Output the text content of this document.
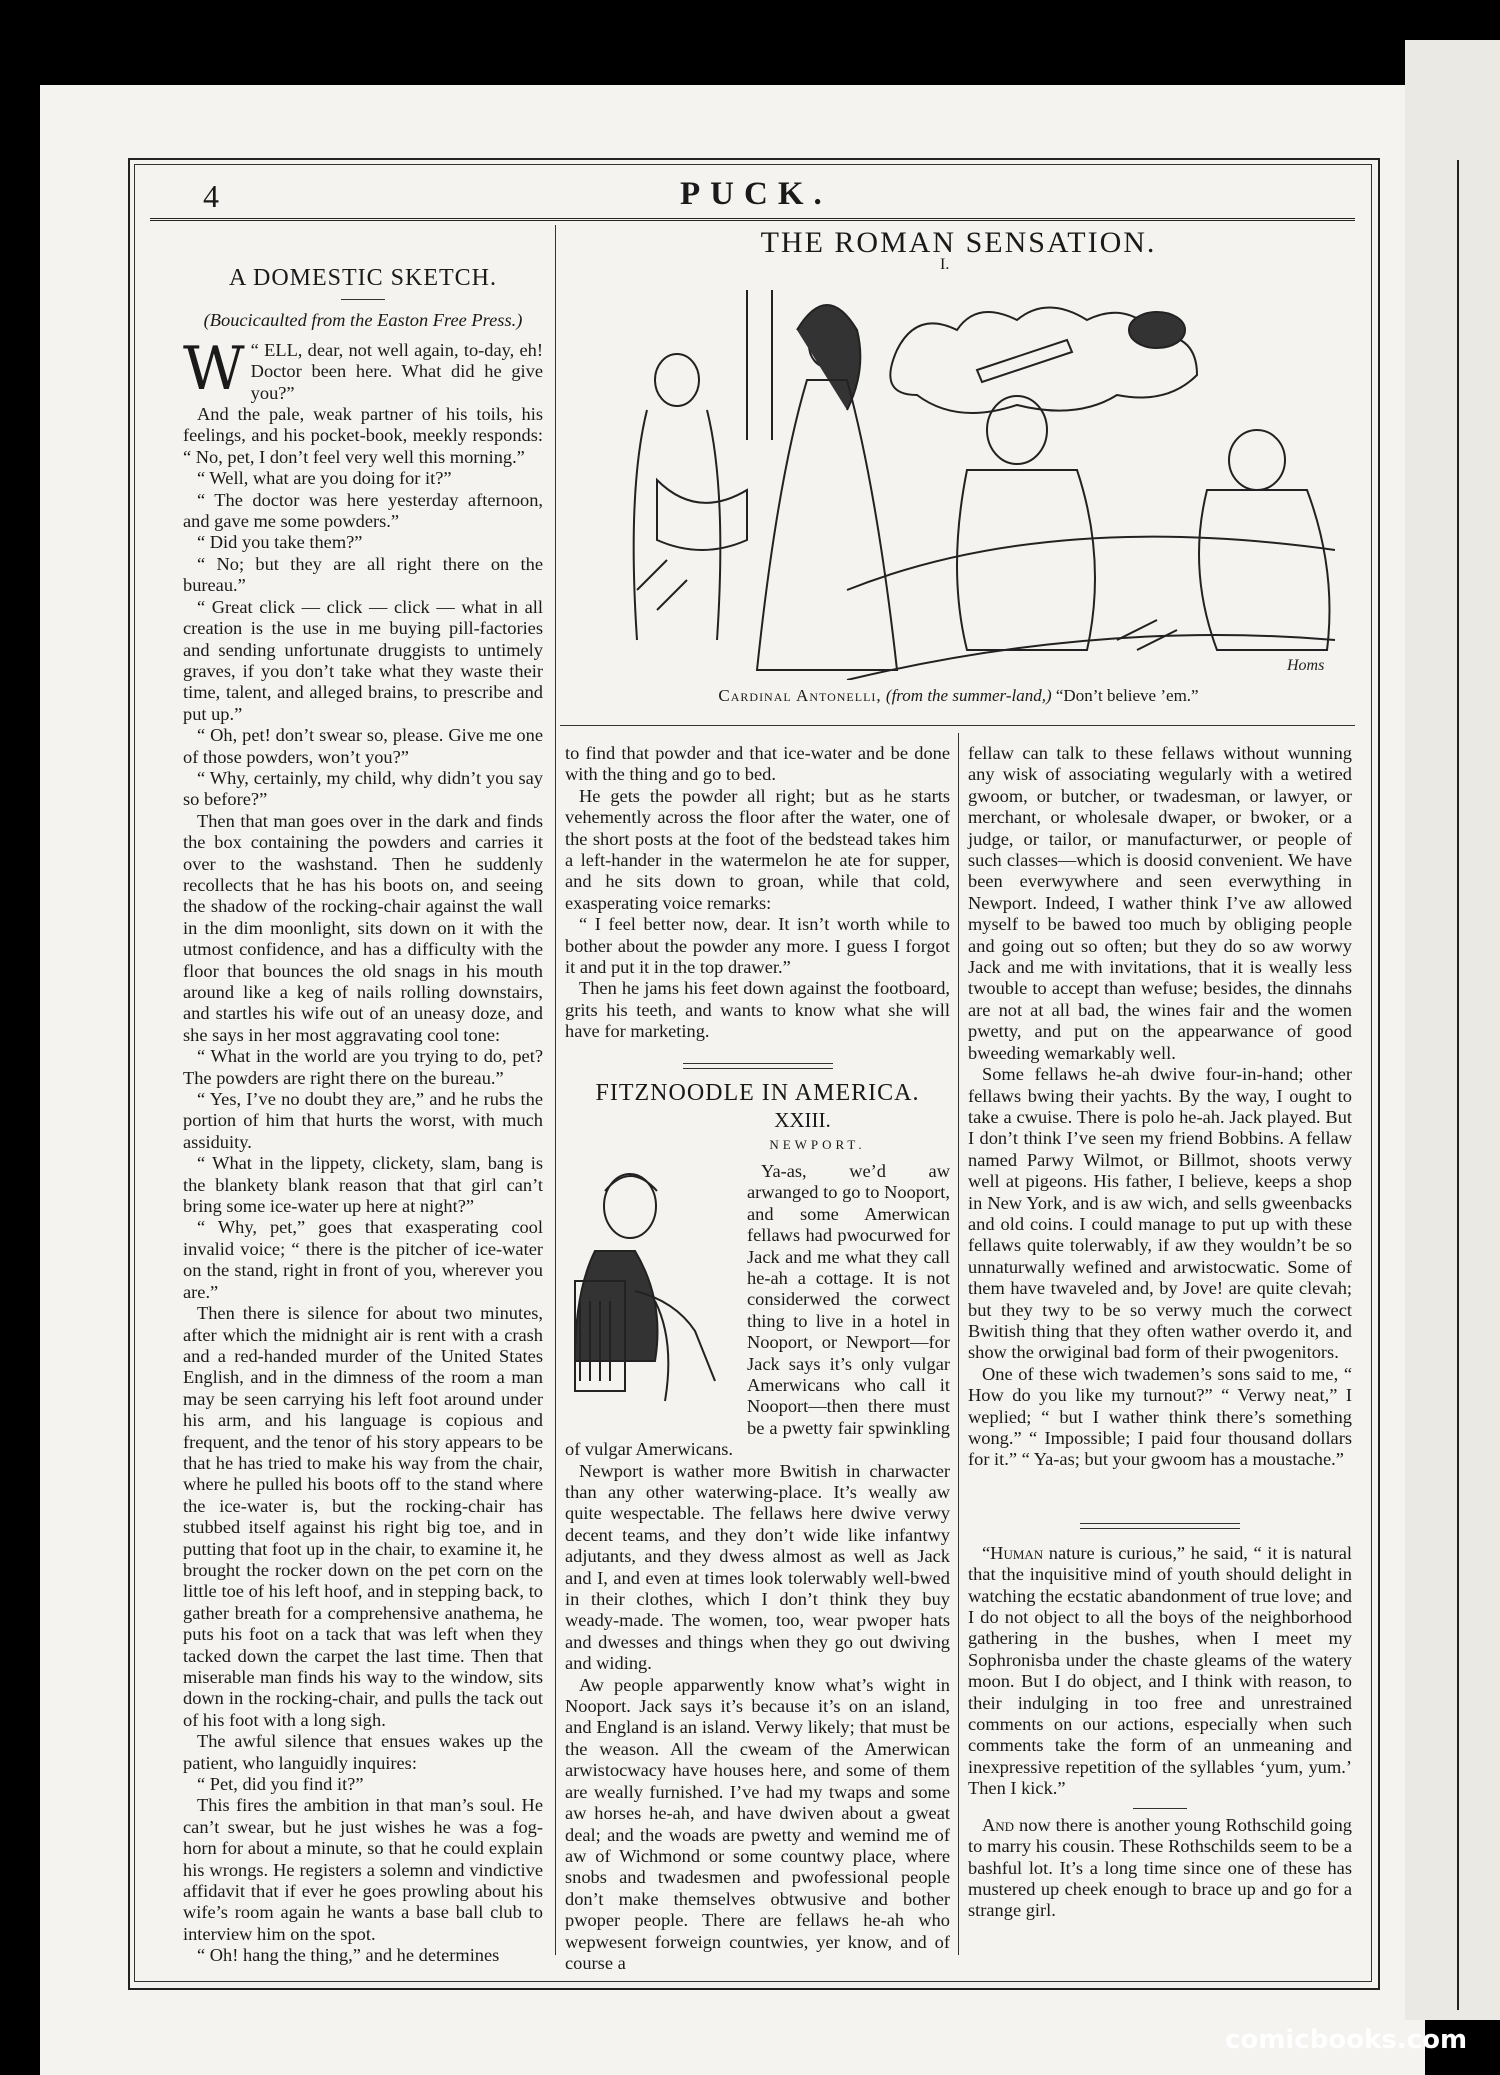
4	PUCK.
A DOMESTIC SKETCH.
(Boucicaulted from the Easton Free Press.)

W “ ELL, dear, not well again, to-day, eh! Doctor been here. What did he give you?”

And the pale, weak partner of his toils, his feelings, and his pocket-book, meekly responds: “ No, pet, I don’t feel very well this morning.”

“ Well, what are you doing for it?”

“ The doctor was here yesterday afternoon, and gave me some powders.”

“ Did you take them?”

“ No; but they are all right there on the bureau.”

“ Great click — click — click — what in all creation is the use in me buying pill-factories and sending unfortunate druggists to untimely graves, if you don’t take what they waste their time, talent, and alleged brains, to prescribe and put up.”

“ Oh, pet! don’t swear so, please. Give me one of those powders, won’t you?”

“ Why, certainly, my child, why didn’t you say so before?”

Then that man goes over in the dark and finds the box containing the powders and carries it over to the washstand. Then he suddenly recollects that he has his boots on, and seeing the shadow of the rocking-chair against the wall in the dim moonlight, sits down on it with the utmost confidence, and has a difficulty with the floor that bounces the old snags in his mouth around like a keg of nails rolling downstairs, and startles his wife out of an uneasy doze, and she says in her most aggravating cool tone:

“ What in the world are you trying to do, pet? The powders are right there on the bureau.”

“ Yes, I’ve no doubt they are,” and he rubs the portion of him that hurts the worst, with much assiduity.

“ What in the lippety, clickety, slam, bang is the blankety blank reason that that girl can’t bring some ice-water up here at night?”

“ Why, pet,” goes that exasperating cool invalid voice; “ there is the pitcher of ice-water on the stand, right in front of you, wherever you are.”

Then there is silence for about two minutes, after which the midnight air is rent with a crash and a red-handed murder of the United States English, and in the dimness of the room a man may be seen carrying his left foot around under his arm, and his language is copious and frequent, and the tenor of his story appears to be that he has tried to make his way from the chair, where he pulled his boots off to the stand where the ice-water is, but the rocking-chair has stubbed itself against his right big toe, and in putting that foot up in the chair, to examine it, he brought the rocker down on the pet corn on the little toe of his left hoof, and in stepping back, to gather breath for a comprehensive anathema, he puts his foot on a tack that was left when they tacked down the carpet the last time. Then that miserable man finds his way to the window, sits down in the rocking-chair, and pulls the tack out of his foot with a long sigh.

The awful silence that ensues wakes up the patient, who languidly inquires:

“ Pet, did you find it?”

This fires the ambition in that man’s soul. He can’t swear, but he just wishes he was a fog-horn for about a minute, so that he could explain his wrongs. He registers a solemn and vindictive affidavit that if ever he goes prowling about his wife’s room again he wants a base ball club to interview him on the spot.

“ Oh! hang the thing,” and he determines

THE ROMAN SENSATION.
I.
Homs
Cardinal Antonelli, (from the summer-land,) “Don’t believe ’em.”

to find that powder and that ice-water and be done with the thing and go to bed.

He gets the powder all right; but as he starts vehemently across the floor after the water, one of the short posts at the foot of the bedstead takes him a left-hander in the watermelon he ate for supper, and he sits down to groan, while that cold, exasperating voice remarks:

“ I feel better now, dear. It isn’t worth while to bother about the powder any more. I guess I forgot it and put it in the top drawer.”

Then he jams his feet down against the footboard, grits his teeth, and wants to know what she will have for marketing.

FITZNOODLE IN AMERICA.
XXIII.
NEWPORT.

Ya-as, we’d aw arwanged to go to Nooport, and some Amerwican fellaws had pwocurwed for Jack and me what they call he-ah a cottage. It is not considerwed the corwect thing to live in a hotel in Nooport, or Newport—for Jack says it’s only vulgar Amerwicans who call it Nooport—then there must be a pwetty fair spwinkling of vulgar Amerwicans.

Newport is wather more Bwitish in charwacter than any other waterwing-place. It’s weally aw quite wespectable. The fellaws here dwive verwy decent teams, and they don’t wide like infantwy adjutants, and they dwess almost as well as Jack and I, and even at times look tolerwably well-bwed in their clothes, which I don’t think they buy weady-made. The women, too, wear pwoper hats and dwesses and things when they go out dwiving and widing.

Aw people apparwently know what’s wight in Nooport. Jack says it’s because it’s on an island, and England is an island. Verwy likely; that must be the weason. All the cweam of the Amerwican arwistocwacy have houses here, and some of them are weally furnished. I’ve had my twaps and some aw horses he-ah, and have dwiven about a gweat deal; and the woads are pwetty and wemind me of aw of Wichmond or some countwy place, where snobs and twadesmen and pwofessional people don’t make themselves obtwusive and bother pwoper people. There are fellaws he-ah who wepwesent forweign countwies, yer know, and of course a

fellaw can talk to these fellaws without wunning any wisk of associating wegularly with a wetired gwoom, or butcher, or twadesman, or lawyer, or merchant, or wholesale dwaper, or bwoker, or a judge, or tailor, or manufacturwer, or people of such classes—which is doosid convenient. We have been everwywhere and seen everwything in Newport. Indeed, I wather think I’ve aw allowed myself to be bawed too much by obliging people and going out so often; but they do so aw worwy Jack and me with invitations, that it is weally less twouble to accept than wefuse; besides, the dinnahs are not at all bad, the wines fair and the women pwetty, and put on the appearwance of good bweeding wemarkably well.

Some fellaws he-ah dwive four-in-hand; other fellaws bwing their yachts. By the way, I ought to take a cwuise. There is polo he-ah. Jack played. But I don’t think I’ve seen my friend Bobbins. A fellaw named Parwy Wilmot, or Billmot, shoots verwy well at pigeons. His father, I believe, keeps a shop in New York, and is aw wich, and sells gweenbacks and old coins. I could manage to put up with these fellaws quite tolerwably, if aw they wouldn’t be so unnaturwally wefined and arwistocwatic. Some of them have twaveled and, by Jove! are quite clevah; but they twy to be so verwy much the corwect Bwitish thing that they often wather overdo it, and show the orwiginal bad form of their pwogenitors.

One of these wich twademen’s sons said to me, “ How do you like my turnout?” “ Verwy neat,” I weplied; “ but I wather think there’s something wong.” “ Impossible; I paid four thousand dollars for it.” “ Ya-as; but your gwoom has a moustache.”

“Human nature is curious,” he said, “ it is natural that the inquisitive mind of youth should delight in watching the ecstatic abandonment of true love; and I do not object to all the boys of the neighborhood gathering in the bushes, when I meet my Sophronisba under the chaste gleams of the watery moon. But I do object, and I think with reason, to their indulging in too free and unrestrained comments on our actions, especially when such comments take the form of an unmeaning and inexpressive repetition of the syllables ‘yum, yum.’ Then I kick.”

And now there is another young Rothschild going to marry his cousin. These Rothschilds seem to be a bashful lot. It’s a long time since one of these has mustered up cheek enough to brace up and go for a strange girl.

comicbooks.com
